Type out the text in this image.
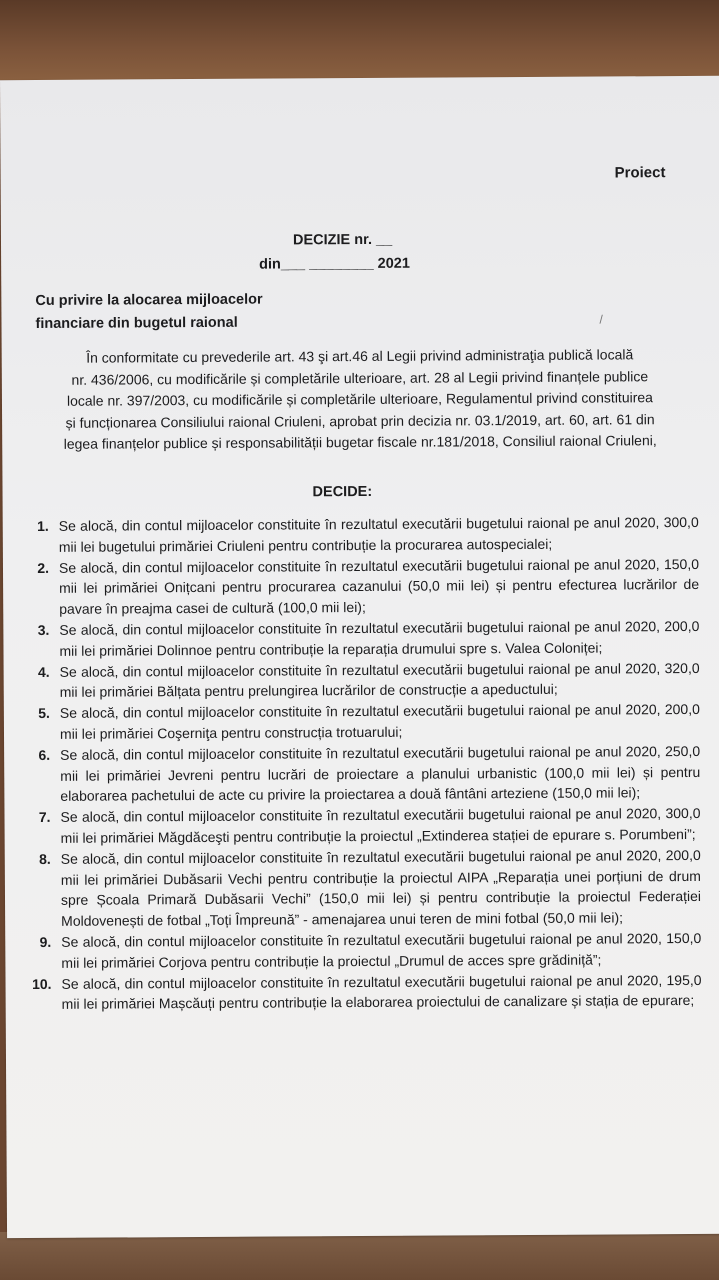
Proiect
DECIZIE nr. __
din___ ________ 2021
Cu privire la alocarea mijloacelor
financiare din bugetul raional	/
În conformitate cu prevederile art. 43 şi art.46 al Legii privind administraţia publică locală
nr. 436/2006, cu modificările și completările ulterioare, art. 28 al Legii privind finanțele publice
locale nr. 397/2003, cu modificările și completările ulterioare, Regulamentul privind constituirea
și funcționarea Consiliului raional Criuleni, aprobat prin decizia nr. 03.1/2019, art. 60, art. 61 din
legea finanțelor publice și responsabilității bugetar fiscale nr.181/2018, Consiliul raional Criuleni,
DECIDE:
1. Se alocă, din contul mijloacelor constituite în rezultatul executării bugetului raional pe anul 2020, 300,0 mii lei bugetului primăriei Criuleni pentru contribuție la procurarea autospecialei;
2. Se alocă, din contul mijloacelor constituite în rezultatul executării bugetului raional pe anul 2020, 150,0 mii lei primăriei Onițcani pentru procurarea cazanului (50,0 mii lei) și pentru efecturea lucrărilor de pavare în preajma casei de cultură (100,0 mii lei);
3. Se alocă, din contul mijloacelor constituite în rezultatul executării bugetului raional pe anul 2020, 200,0 mii lei primăriei Dolinnoe pentru contribuție la reparația drumului spre s. Valea Coloniței;
4. Se alocă, din contul mijloacelor constituite în rezultatul executării bugetului raional pe anul 2020, 320,0 mii lei primăriei Bălțata pentru prelungirea lucrărilor de construcție a apeductului;
5. Se alocă, din contul mijloacelor constituite în rezultatul executării bugetului raional pe anul 2020, 200,0 mii lei primăriei Coşerniţa pentru construcția trotuarului;
6. Se alocă, din contul mijloacelor constituite în rezultatul executării bugetului raional pe anul 2020, 250,0 mii lei primăriei Jevreni pentru lucrări de proiectare a planului urbanistic (100,0 mii lei) și pentru elaborarea pachetului de acte cu privire la proiectarea a două fântâni arteziene (150,0 mii lei);
7. Se alocă, din contul mijloacelor constituite în rezultatul executării bugetului raional pe anul 2020, 300,0 mii lei primăriei Măgdăceşti pentru contribuție la proiectul „Extinderea stației de epurare s. Porumbeni”;
8. Se alocă, din contul mijloacelor constituite în rezultatul executării bugetului raional pe anul 2020, 200,0 mii lei primăriei Dubăsarii Vechi pentru contribuție la proiectul AIPA „Reparația unei porțiuni de drum spre Școala Primară Dubăsarii Vechi” (150,0 mii lei) și pentru contribuție la proiectul Federației Moldovenești de fotbal „Toți Împreună” - amenajarea unui teren de mini fotbal (50,0 mii lei);
9. Se alocă, din contul mijloacelor constituite în rezultatul executării bugetului raional pe anul 2020, 150,0 mii lei primăriei Corjova pentru contribuție la proiectul „Drumul de acces spre grădiniță”;
10. Se alocă, din contul mijloacelor constituite în rezultatul executării bugetului raional pe anul 2020, 195,0 mii lei primăriei Mașcăuți pentru contribuție la elaborarea proiectului de canalizare și stația de epurare;
